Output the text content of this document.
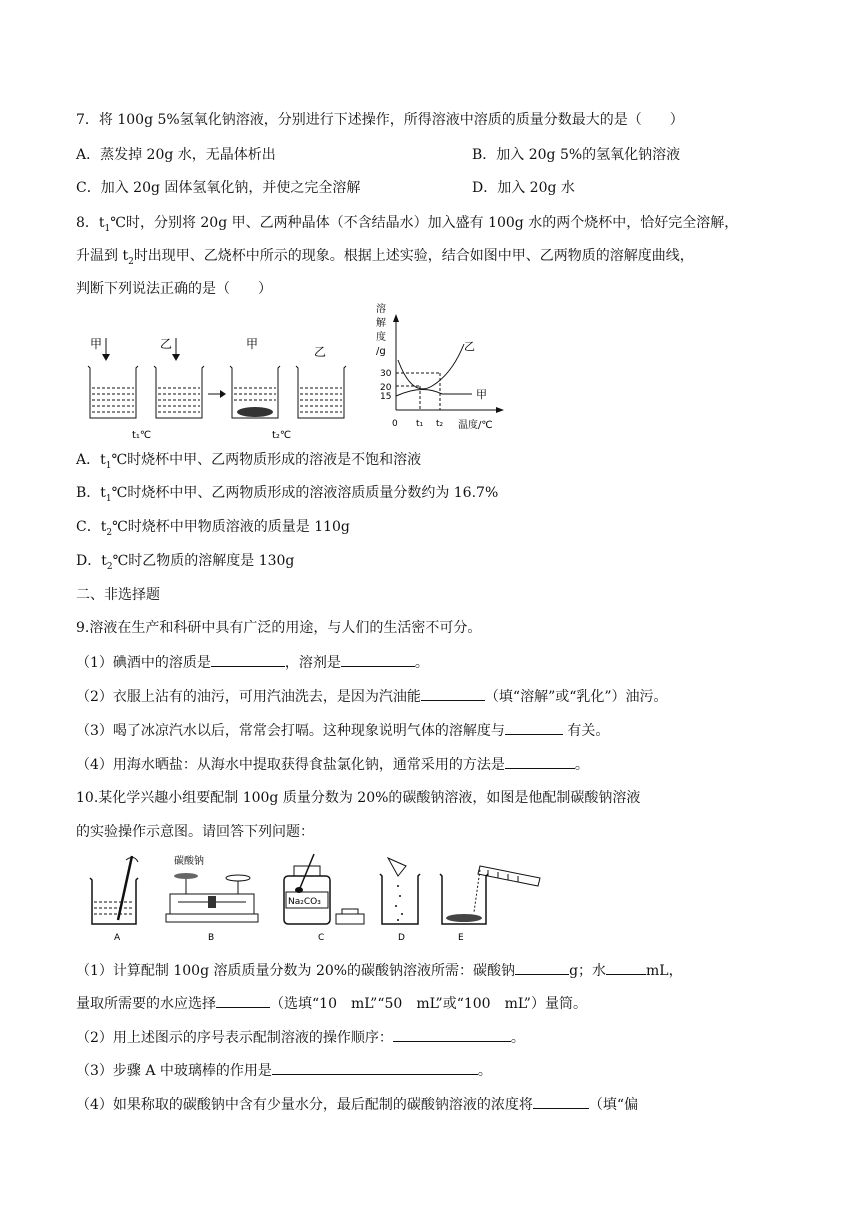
7．将 100g 5%氢氧化钠溶液，分别进行下述操作，所得溶液中溶质的质量分数最大的是（　　）
A．蒸发掉 20g 水，无晶体析出	B．加入 20g 5%的氢氧化钠溶液
C．加入 20g 固体氢氧化钠，并使之完全溶解	D．加入 20g 水
8．$t_1℃$时，分别将 20g 甲、乙两种晶体（不含结晶水）加入盛有 100g 水的两个烧杯中，恰好完全溶解，
升温到 $t_2$时出现甲、乙烧杯中所示的现象。根据上述实验，结合如图中甲、乙两物质的溶解度曲线，
判断下列说法正确的是（　　）
甲	乙
t₁℃
甲
乙
t₂℃
溶
解
度
/g
30
20
15
乙
甲
0 t₁ t₂ 温度/℃
A．$t_1℃$时烧杯中甲、乙两物质形成的溶液是不饱和溶液
B．$t_1℃$时烧杯中甲、乙两物质形成的溶液溶质质量分数约为 16.7%
C．$t_2℃$时烧杯中甲物质溶液的质量是 110g
D．$t_2℃$时乙物质的溶解度是 130g
二、非选择题
9.溶液在生产和科研中具有广泛的用途，与人们的生活密不可分。
（1）碘酒中的溶质是	，溶剂是	。
（2）衣服上沾有的油污，可用汽油洗去，是因为汽油能	（填“溶解”或“乳化”）油污。
（3）喝了冰凉汽水以后，常常会打嗝。这种现象说明气体的溶解度与	有关。
（4）用海水晒盐：从海水中提取获得食盐氯化钠，通常采用的方法是	。
10.某化学兴趣小组要配制 100g 质量分数为 20%的碳酸钠溶液，如图是他配制碳酸钠溶液
的实验操作示意图。请回答下列问题：
A
碳酸钠
B
Na₂CO₃
C	D	E
（1）计算配制 100g 溶质质量分数为 20%的碳酸钠溶液所需：碳酸钠	g；水	mL，
量取所需要的水应选择	（选填“10　mL”“50　mL”或“100　mL”）量筒。
（2）用上述图示的序号表示配制溶液的操作顺序：	。
（3）步骤 A 中玻璃棒的作用是	。
（4）如果称取的碳酸钠中含有少量水分，最后配制的碳酸钠溶液的浓度将	（填“偏
